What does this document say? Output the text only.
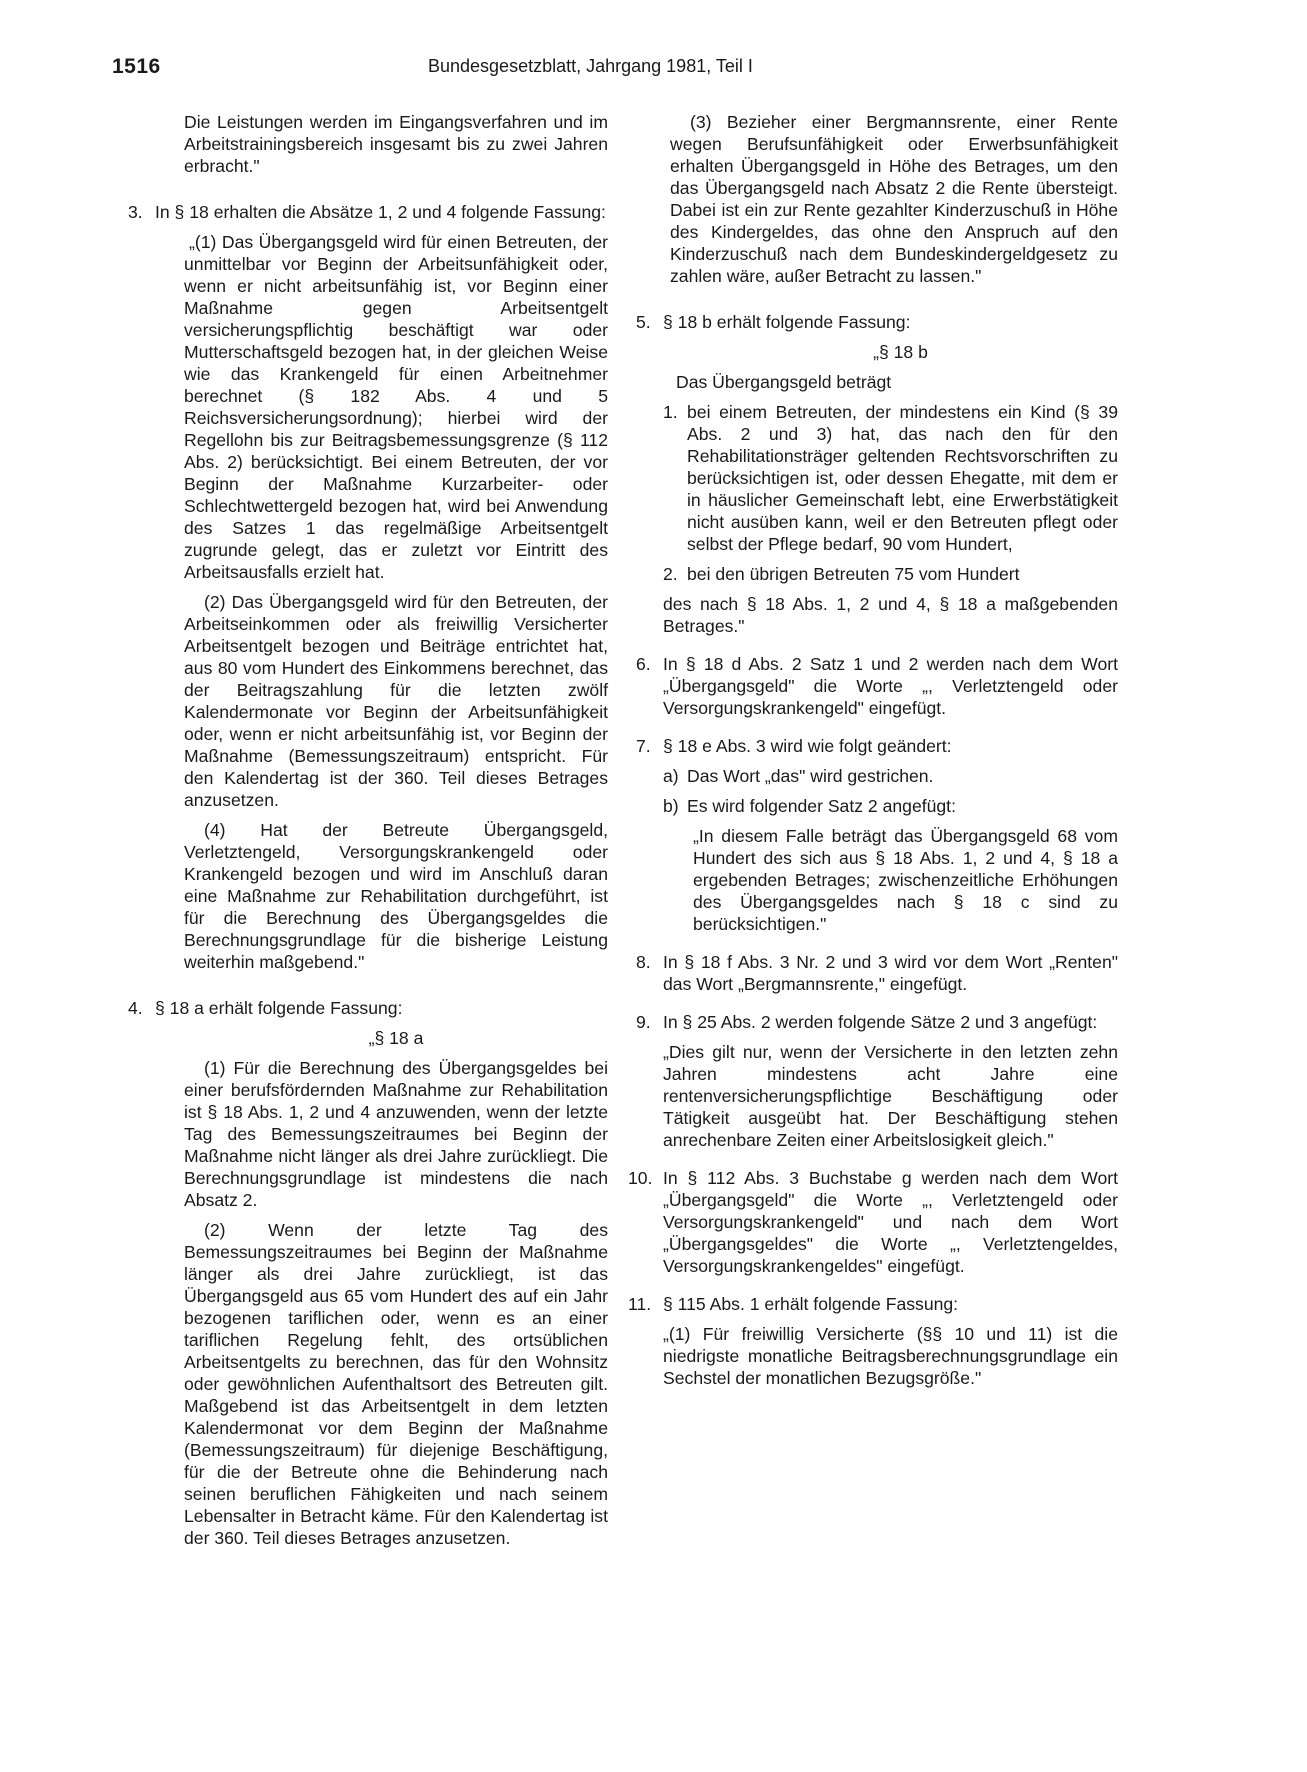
1516	Bundesgesetzblatt, Jahrgang 1981, Teil I

Die Leistungen werden im Eingangsverfahren und im Arbeitstrainingsbereich insgesamt bis zu zwei Jahren erbracht."

3. In § 18 erhalten die Absätze 1, 2 und 4 folgende Fassung:

„(1) Das Übergangsgeld wird für einen Betreuten, der unmittelbar vor Beginn der Arbeitsunfähigkeit oder, wenn er nicht arbeitsunfähig ist, vor Beginn einer Maßnahme gegen Arbeitsentgelt versicherungspflichtig beschäftigt war oder Mutterschaftsgeld bezogen hat, in der gleichen Weise wie das Krankengeld für einen Arbeitnehmer berechnet (§ 182 Abs. 4 und 5 Reichsversicherungsordnung); hierbei wird der Regellohn bis zur Beitragsbemessungsgrenze (§ 112 Abs. 2) berücksichtigt. Bei einem Betreuten, der vor Beginn der Maßnahme Kurzarbeiter- oder Schlechtwettergeld bezogen hat, wird bei Anwendung des Satzes 1 das regelmäßige Arbeitsentgelt zugrunde gelegt, das er zuletzt vor Eintritt des Arbeitsausfalls erzielt hat.

(2) Das Übergangsgeld wird für den Betreuten, der Arbeitseinkommen oder als freiwillig Versicherter Arbeitsentgelt bezogen und Beiträge entrichtet hat, aus 80 vom Hundert des Einkommens berechnet, das der Beitragszahlung für die letzten zwölf Kalendermonate vor Beginn der Arbeitsunfähigkeit oder, wenn er nicht arbeitsunfähig ist, vor Beginn der Maßnahme (Bemessungszeitraum) entspricht. Für den Kalendertag ist der 360. Teil dieses Betrages anzusetzen.

(4) Hat der Betreute Übergangsgeld, Verletztengeld, Versorgungskrankengeld oder Krankengeld bezogen und wird im Anschluß daran eine Maßnahme zur Rehabilitation durchgeführt, ist für die Berechnung des Übergangsgeldes die Berechnungsgrundlage für die bisherige Leistung weiterhin maßgebend."

4. § 18 a erhält folgende Fassung:

„§ 18 a

(1) Für die Berechnung des Übergangsgeldes bei einer berufsfördernden Maßnahme zur Rehabilitation ist § 18 Abs. 1, 2 und 4 anzuwenden, wenn der letzte Tag des Bemessungszeitraumes bei Beginn der Maßnahme nicht länger als drei Jahre zurückliegt. Die Berechnungsgrundlage ist mindestens die nach Absatz 2.

(2) Wenn der letzte Tag des Bemessungszeitraumes bei Beginn der Maßnahme länger als drei Jahre zurückliegt, ist das Übergangsgeld aus 65 vom Hundert des auf ein Jahr bezogenen tariflichen oder, wenn es an einer tariflichen Regelung fehlt, des ortsüblichen Arbeitsentgelts zu berechnen, das für den Wohnsitz oder gewöhnlichen Aufenthaltsort des Betreuten gilt. Maßgebend ist das Arbeitsentgelt in dem letzten Kalendermonat vor dem Beginn der Maßnahme (Bemessungszeitraum) für diejenige Beschäftigung, für die der Betreute ohne die Behinderung nach seinen beruflichen Fähigkeiten und nach seinem Lebensalter in Betracht käme. Für den Kalendertag ist der 360. Teil dieses Betrages anzusetzen.

(3) Bezieher einer Bergmannsrente, einer Rente wegen Berufsunfähigkeit oder Erwerbsunfähigkeit erhalten Übergangsgeld in Höhe des Betrages, um den das Übergangsgeld nach Absatz 2 die Rente übersteigt. Dabei ist ein zur Rente gezahlter Kinderzuschuß in Höhe des Kindergeldes, das ohne den Anspruch auf den Kinderzuschuß nach dem Bundeskindergeldgesetz zu zahlen wäre, außer Betracht zu lassen."

5. § 18 b erhält folgende Fassung:

„§ 18 b

Das Übergangsgeld beträgt

1. bei einem Betreuten, der mindestens ein Kind (§ 39 Abs. 2 und 3) hat, das nach den für den Rehabilitationsträger geltenden Rechtsvorschriften zu berücksichtigen ist, oder dessen Ehegatte, mit dem er in häuslicher Gemeinschaft lebt, eine Erwerbstätigkeit nicht ausüben kann, weil er den Betreuten pflegt oder selbst der Pflege bedarf, 90 vom Hundert,

2. bei den übrigen Betreuten 75 vom Hundert

des nach § 18 Abs. 1, 2 und 4, § 18 a maßgebenden Betrages."

6. In § 18 d Abs. 2 Satz 1 und 2 werden nach dem Wort „Übergangsgeld" die Worte „, Verletztengeld oder Versorgungskrankengeld" eingefügt.

7. § 18 e Abs. 3 wird wie folgt geändert:

a) Das Wort „das" wird gestrichen.

b) Es wird folgender Satz 2 angefügt:

„In diesem Falle beträgt das Übergangsgeld 68 vom Hundert des sich aus § 18 Abs. 1, 2 und 4, § 18 a ergebenden Betrages; zwischenzeitliche Erhöhungen des Übergangsgeldes nach § 18 c sind zu berücksichtigen."

8. In § 18 f Abs. 3 Nr. 2 und 3 wird vor dem Wort „Renten" das Wort „Bergmannsrente," eingefügt.

9. In § 25 Abs. 2 werden folgende Sätze 2 und 3 angefügt:

„Dies gilt nur, wenn der Versicherte in den letzten zehn Jahren mindestens acht Jahre eine rentenversicherungspflichtige Beschäftigung oder Tätigkeit ausgeübt hat. Der Beschäftigung stehen anrechenbare Zeiten einer Arbeitslosigkeit gleich."

10. In § 112 Abs. 3 Buchstabe g werden nach dem Wort „Übergangsgeld" die Worte „, Verletztengeld oder Versorgungskrankengeld" und nach dem Wort „Übergangsgeldes" die Worte „, Verletztengeldes, Versorgungskrankengeldes" eingefügt.

11. § 115 Abs. 1 erhält folgende Fassung:

„(1) Für freiwillig Versicherte (§§ 10 und 11) ist die niedrigste monatliche Beitragsberechnungsgrundlage ein Sechstel der monatlichen Bezugsgröße."
